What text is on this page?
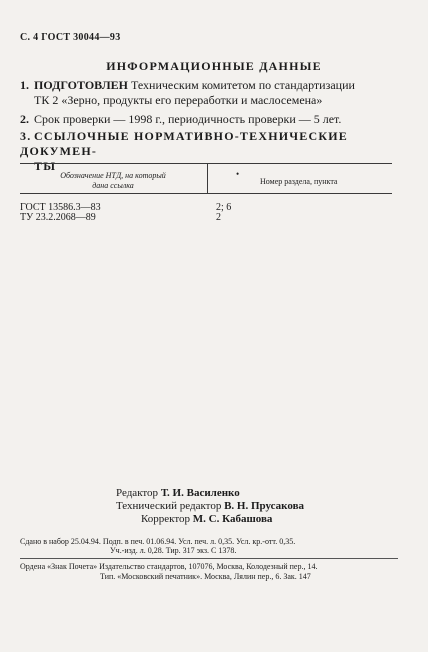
С. 4 ГОСТ 30044—93
ИНФОРМАЦИОННЫЕ ДАННЫЕ
1. ПОДГОТОВЛЕН Техническим комитетом по стандартизации
ТК 2 «Зерно, продукты его переработки и маслосемена»
2. Срок проверки — 1998 г., периодичность проверки — 5 лет.
3. ССЫЛОЧНЫЕ НОРМАТИВНО-ТЕХНИЧЕСКИЕ ДОКУМЕН-
ТЫ
Обозначение НТД, на который
дана ссылка
•
Номер раздела, пункта
ГОСТ 13586.3—83	2; 6
ТУ 23.2.2068—89	2
Редактор Т. И. Василенко
Технический редактор В. Н. Прусакова
Корректор М. С. Кабашова
Сдано в набор 25.04.94. Подп. в печ. 01.06.94. Усл. печ. л. 0,35. Усл. кр.-отт. 0,35.
Уч.-изд. л. 0,28. Тир. 317 экз. С 1378.
Ордена «Знак Почета» Издательство стандартов, 107076, Москва, Колодезный пер., 14.
Тип. «Московский печатник». Москва, Лялин пер., 6. Зак. 147
